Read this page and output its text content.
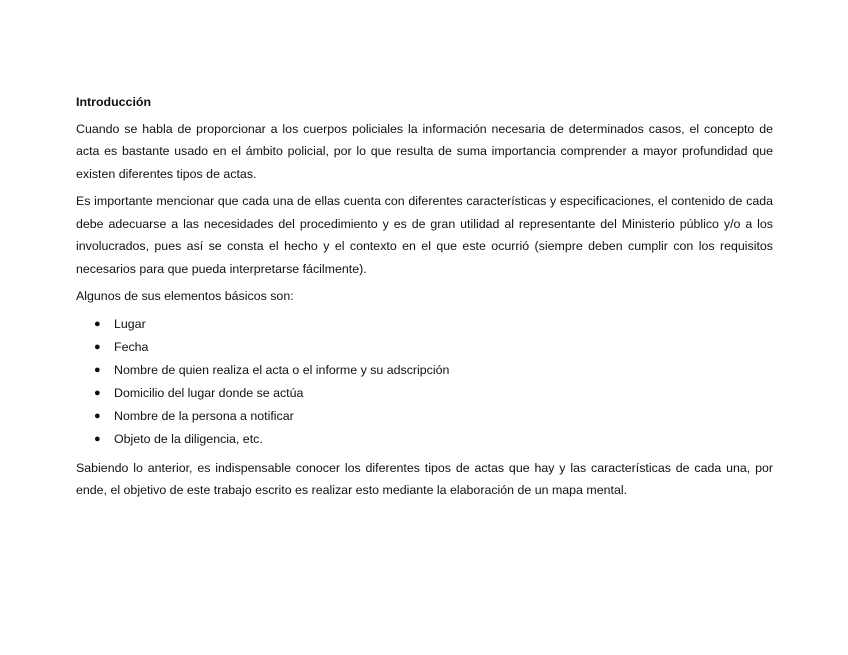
Introducción

Cuando se habla de proporcionar a los cuerpos policiales la información necesaria de determinados casos, el concepto de acta es bastante usado en el ámbito policial, por lo que resulta de suma importancia comprender a mayor profundidad que existen diferentes tipos de actas.

Es importante mencionar que cada una de ellas cuenta con diferentes características y especificaciones, el contenido de cada debe adecuarse a las necesidades del procedimiento y es de gran utilidad al representante del Ministerio público y/o a los involucrados, pues así se consta el hecho y el contexto en el que este ocurrió (siempre deben cumplir con los requisitos necesarios para que pueda interpretarse fácilmente).

Algunos de sus elementos básicos son:

● Lugar
● Fecha
● Nombre de quien realiza el acta o el informe y su adscripción
● Domicilio del lugar donde se actúa
● Nombre de la persona a notificar
● Objeto de la diligencia, etc.

Sabiendo lo anterior, es indispensable conocer los diferentes tipos de actas que hay y las características de cada una, por ende, el objetivo de este trabajo escrito es realizar esto mediante la elaboración de un mapa mental.
